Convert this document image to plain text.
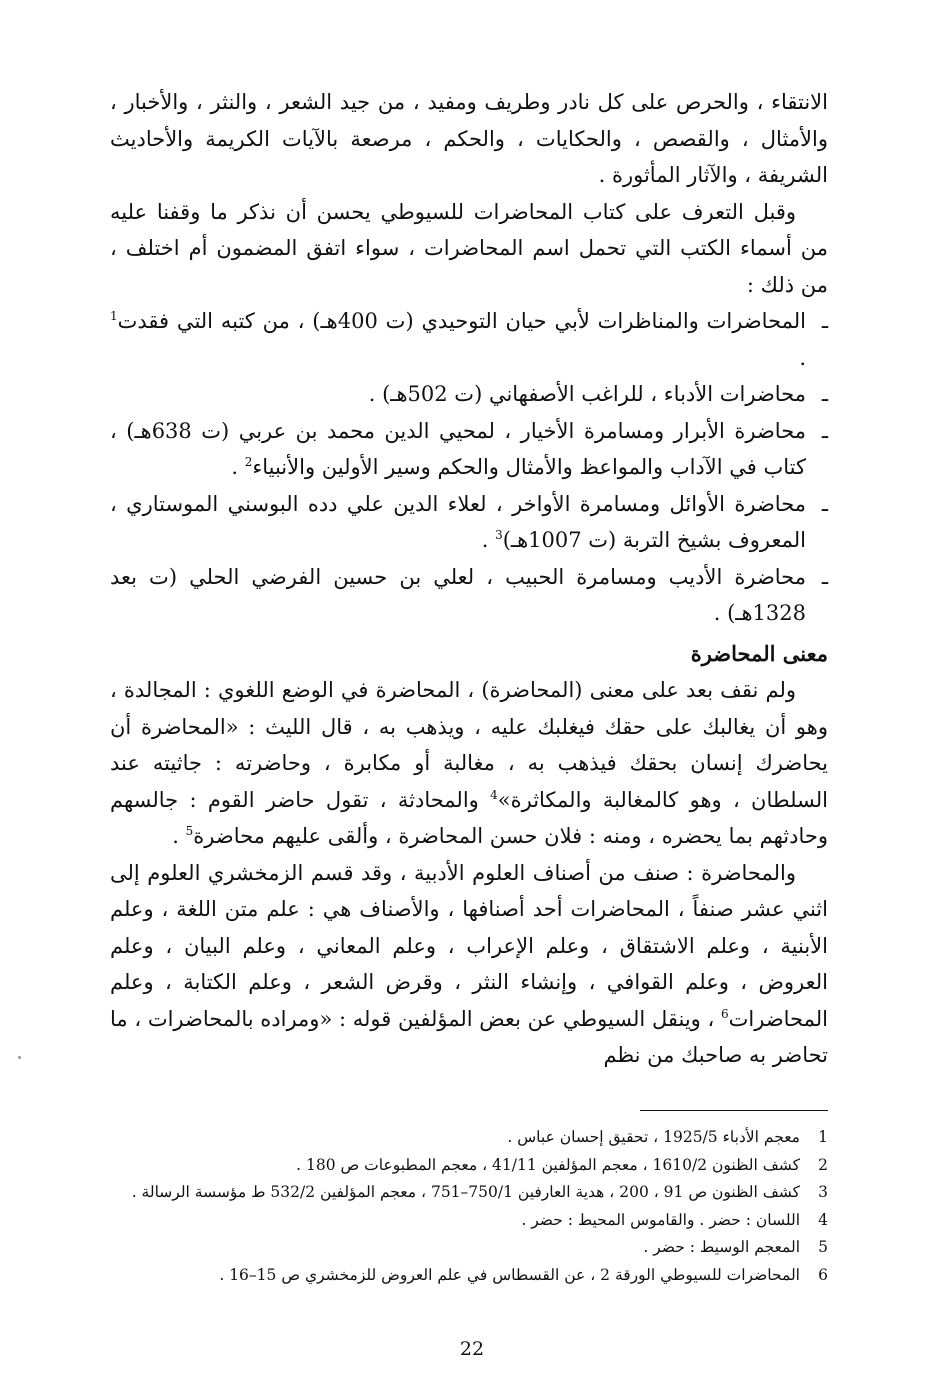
الانتقاء ، والحرص على كل نادر وطريف ومفيد ، من جيد الشعر ، والنثر ، والأخبار ، والأمثال ، والقصص ، والحكايات ، والحكم ، مرصعة بالآيات الكريمة والأحاديث الشريفة ، والآثار المأثورة .

وقبل التعرف على كتاب المحاضرات للسيوطي يحسن أن نذكر ما وقفنا عليه من أسماء الكتب التي تحمل اسم المحاضرات ، سواء اتفق المضمون أم اختلف ، من ذلك :

ـ
المحاضرات والمناظرات لأبي حيان التوحيدي (ت 400هـ) ، من كتبه التي فقدت$^1$ .
ـ
محاضرات الأدباء ، للراغب الأصفهاني (ت 502هـ) .
ـ
محاضرة الأبرار ومسامرة الأخيار ، لمحيي الدين محمد بن عربي (ت 638هـ) ، كتاب في الآداب والمواعظ والأمثال والحكم وسير الأولين والأنبياء$^2$ .
ـ
محاضرة الأوائل ومسامرة الأواخر ، لعلاء الدين علي دده البوسني الموستاري ، المعروف بشيخ التربة (ت 1007هـ)$^3$ .
ـ
محاضرة الأديب ومسامرة الحبيب ، لعلي بن حسين الفرضي الحلي (ت بعد 1328هـ) .

معنى المحاضرة

ولم نقف بعد على معنى (المحاضرة) ، المحاضرة في الوضع اللغوي : المجالدة ، وهو أن يغالبك على حقك فيغلبك عليه ، ويذهب به ، قال الليث : «المحاضرة أن يحاضرك إنسان بحقك فيذهب به ، مغالبة أو مكابرة ، وحاضرته : جاثيته عند السلطان ، وهو كالمغالبة والمكاثرة»$^4$ والمحادثة ، تقول حاضر القوم : جالسهم وحادثهم بما يحضره ، ومنه : فلان حسن المحاضرة ، وألقى عليهم محاضرة$^5$ .

والمحاضرة : صنف من أصناف العلوم الأدبية ، وقد قسم الزمخشري العلوم إلى اثني عشر صنفاً ، المحاضرات أحد أصنافها ، والأصناف هي : علم متن اللغة ، وعلم الأبنية ، وعلم الاشتقاق ، وعلم الإعراب ، وعلم المعاني ، وعلم البيان ، وعلم العروض ، وعلم القوافي ، وإنشاء النثر ، وقرض الشعر ، وعلم الكتابة ، وعلم المحاضرات$^6$ ، وينقل السيوطي عن بعض المؤلفين قوله : «ومراده بالمحاضرات ، ما تحاضر به صاحبك من نظم

1
معجم الأدباء 1925/5 ، تحقيق إحسان عباس .
2
كشف الظنون 1610/2 ، معجم المؤلفين 41/11 ، معجم المطبوعات ص 180 .
3
كشف الظنون ص 91 ، 200 ، هدية العارفين 750/1–751 ، معجم المؤلفين 532/2 ط مؤسسة الرسالة .
4
اللسان : حضر . والقاموس المحيط : حضر .
5
المعجم الوسيط : حضر .
6
المحاضرات للسيوطي الورقة 2 ، عن القسطاس في علم العروض للزمخشري ص 15–16 .
22
